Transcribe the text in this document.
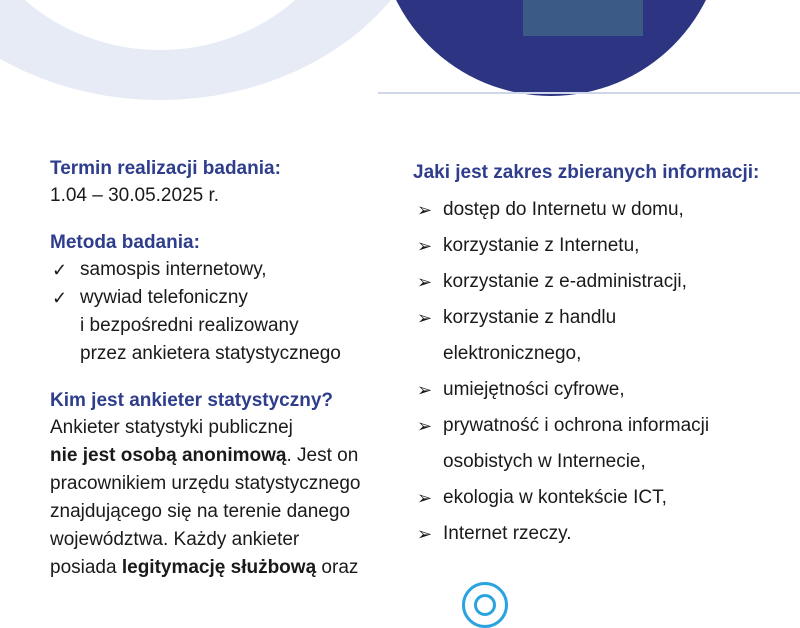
Termin realizacji badania:

1.04 – 30.05.2025 r.

Metoda badania:
✓ samospis internetowy,
✓ wywiad telefoniczny
i bezpośredni realizowany
przez ankietera statystycznego
Kim jest ankieter statystyczny?

Ankieter statystyki publicznej
nie jest osobą anonimową. Jest on
pracownikiem urzędu statystycznego
znajdującego się na terenie danego
województwa. Każdy ankieter
posiada legitymację służbową oraz

Jaki jest zakres zbieranych informacji:
➢ dostęp do Internetu w domu,
➢ korzystanie z Internetu,
➢ korzystanie z e-administracji,
➢ korzystanie z handlu
elektronicznego,
➢ umiejętności cyfrowe,
➢ prywatność i ochrona informacji
osobistych w Internecie,
➢ ekologia w kontekście ICT,
➢ Internet rzeczy.
